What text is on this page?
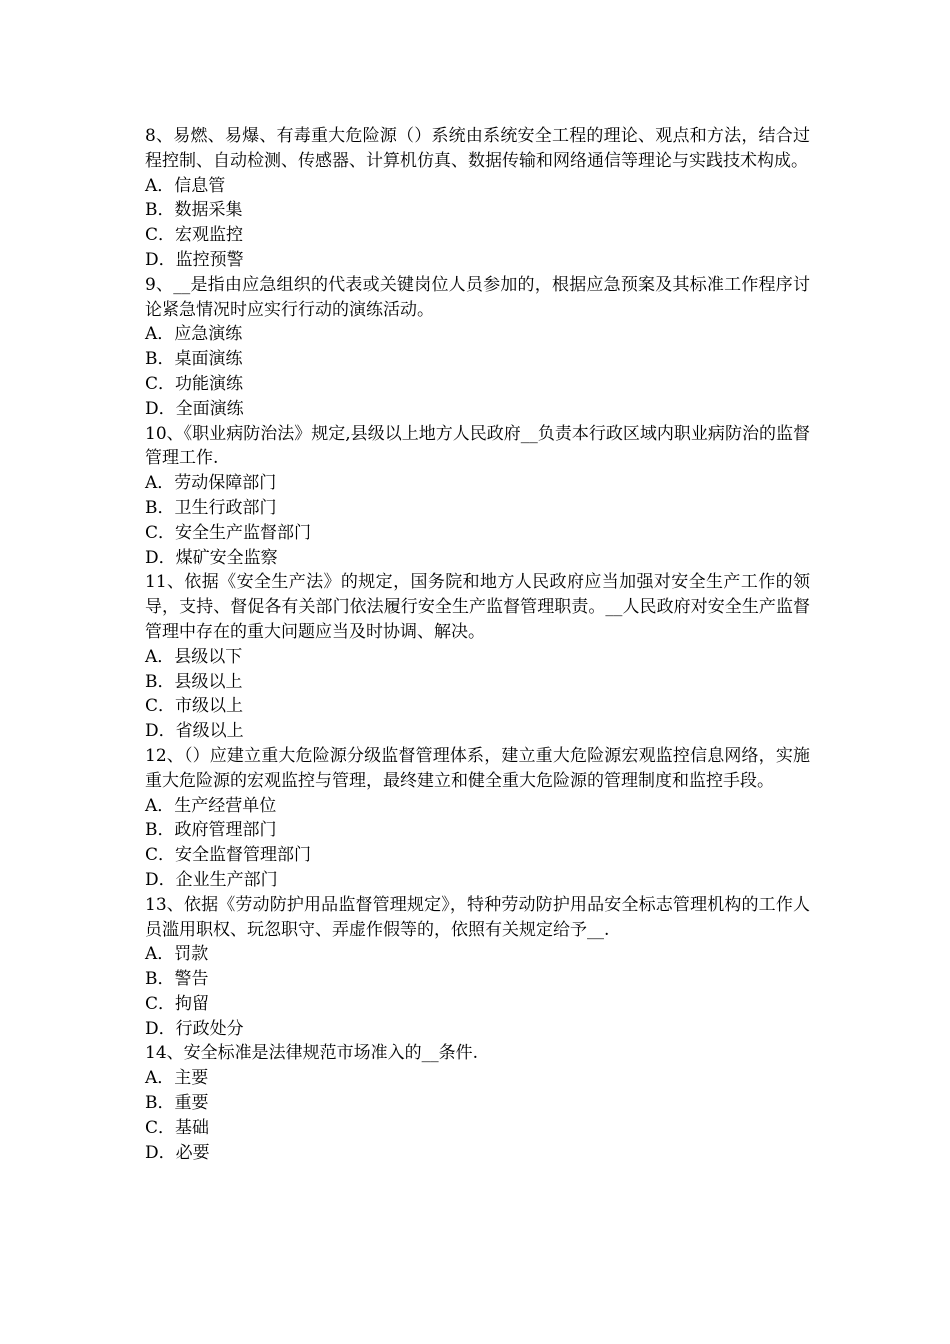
8、易燃、易爆、有毒重大危险源（）系统由系统安全工程的理论、观点和方法，结合过程控制、自动检测、传感器、计算机仿真、数据传输和网络通信等理论与实践技术构成。

A．信息管

B．数据采集

C．宏观监控

D．监控预警

9、__是指由应急组织的代表或关键岗位人员参加的，根据应急预案及其标准工作程序讨论紧急情况时应实行行动的演练活动。

A．应急演练

B．桌面演练

C．功能演练

D．全面演练

10、《职业病防治法》规定,县级以上地方人民政府__负责本行政区域内职业病防治的监督管理工作.

A．劳动保障部门

B．卫生行政部门

C．安全生产监督部门

D．煤矿安全监察

11、依据《安全生产法》的规定，国务院和地方人民政府应当加强对安全生产工作的领导，支持、督促各有关部门依法履行安全生产监督管理职责。__人民政府对安全生产监督管理中存在的重大问题应当及时协调、解决。

A．县级以下

B．县级以上

C．市级以上

D．省级以上

12、（）应建立重大危险源分级监督管理体系，建立重大危险源宏观监控信息网络，实施重大危险源的宏观监控与管理，最终建立和健全重大危险源的管理制度和监控手段。

A．生产经营单位

B．政府管理部门

C．安全监督管理部门

D．企业生产部门

13、依据《劳动防护用品监督管理规定》，特种劳动防护用品安全标志管理机构的工作人员滥用职权、玩忽职守、弄虚作假等的，依照有关规定给予__.

A．罚款

B．警告

C．拘留

D．行政处分

14、安全标准是法律规范市场准入的__条件.

A．主要

B．重要

C．基础

D．必要
